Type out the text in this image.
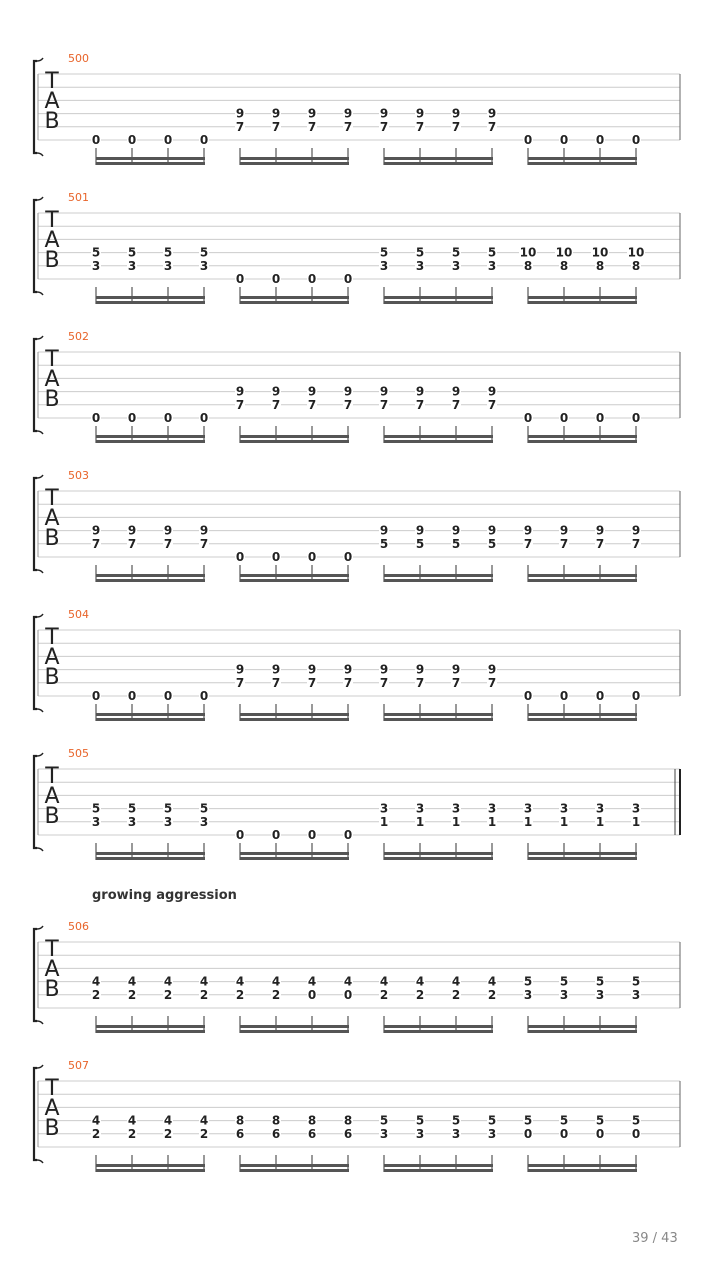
T
A
B
500
0 0 0 0
9
7
9
7
9
7
9
7
9
7
9
7
9
7
9
7
0 0 0 0
T
A
B
501
5
3
5
3
5
3
5
3
0 0 0 0
5
3
5
3
5
3
5
3
10
8
10
8
10
8
10
8
T
A
B
502
0 0 0 0
9
7
9
7
9
7
9
7
9
7
9
7
9
7
9
7
0 0 0 0
T
A
B
503
9
7
9
7
9
7
9
7
0 0 0 0
9
5
9
5
9
5
9
5
9
7
9
7
9
7
9
7
T
A
B
504
0 0 0 0
9
7
9
7
9
7
9
7
9
7
9
7
9
7
9
7
0 0 0 0
T
A
B
505
5
3
5
3
5
3
5
3
0 0 0 0
3
1
3
1
3
1
3
1
3
1
3
1
3
1
3
1
T
A
B
506
4
2
4
2
4
2
4
2
4
2
4
2
4
0
4
0
4
2
4
2
4
2
4
2
5
3
5
3
5
3
5
3
T
A
B
507
4
2
4
2
4
2
4
2
8
6
8
6
8
6
8
6
5
3
5
3
5
3
5
3
5
0
5
0
5
0
5
0
growing aggression
39 / 43
